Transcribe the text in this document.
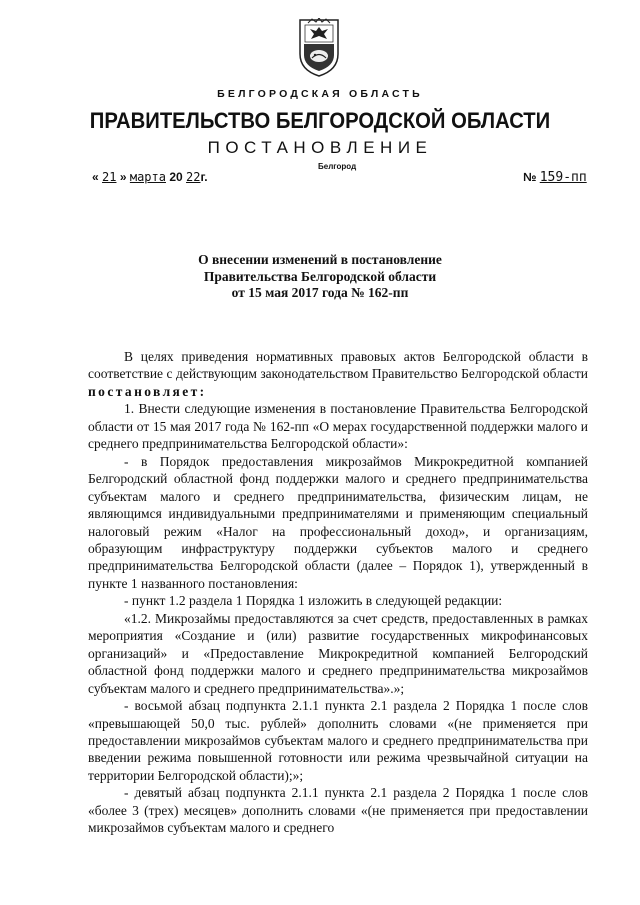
БЕЛГОРОДСКАЯ ОБЛАСТЬ
ПРАВИТЕЛЬСТВО БЕЛГОРОДСКОЙ ОБЛАСТИ
ПОСТАНОВЛЕНИЕ
Белгород
« 21 » марта 20 22г.	№ 159-пп
О внесении изменений в постановление
Правительства Белгородской области
от 15 мая 2017 года № 162-пп

В целях приведения нормативных правовых актов Белгородской области в соответствие с действующим законодательством Правительство Белгородской области постановляет:

1. Внести следующие изменения в постановление Правительства Белгородской области от 15 мая 2017 года № 162-пп «О мерах государственной поддержки малого и среднего предпринимательства Белгородской области»:

- в Порядок предоставления микрозаймов Микрокредитной компанией Белгородский областной фонд поддержки малого и среднего предпринимательства субъектам малого и среднего предпринимательства, физическим лицам, не являющимся индивидуальными предпринимателями и применяющим специальный налоговый режим «Налог на профессиональный доход», и организациям, образующим инфраструктуру поддержки субъектов малого и среднего предпринимательства Белгородской области (далее – Порядок 1), утвержденный в пункте 1 названного постановления:

- пункт 1.2 раздела 1 Порядка 1 изложить в следующей редакции:

«1.2. Микрозаймы предоставляются за счет средств, предоставленных в рамках мероприятия «Создание и (или) развитие государственных микрофинансовых организаций» и «Предоставление Микрокредитной компанией Белгородский областной фонд поддержки малого и среднего предпринимательства микрозаймов субъектам малого и среднего предпринимательства».»;

- восьмой абзац подпункта 2.1.1 пункта 2.1 раздела 2 Порядка 1 после слов «превышающей 50,0 тыс. рублей» дополнить словами «(не применяется при предоставлении микрозаймов субъектам малого и среднего предпринимательства при введении режима повышенной готовности или режима чрезвычайной ситуации на территории Белгородской области);»;

- девятый абзац подпункта 2.1.1 пункта 2.1 раздела 2 Порядка 1 после слов «более 3 (трех) месяцев» дополнить словами «(не применяется при предоставлении микрозаймов субъектам малого и среднего
